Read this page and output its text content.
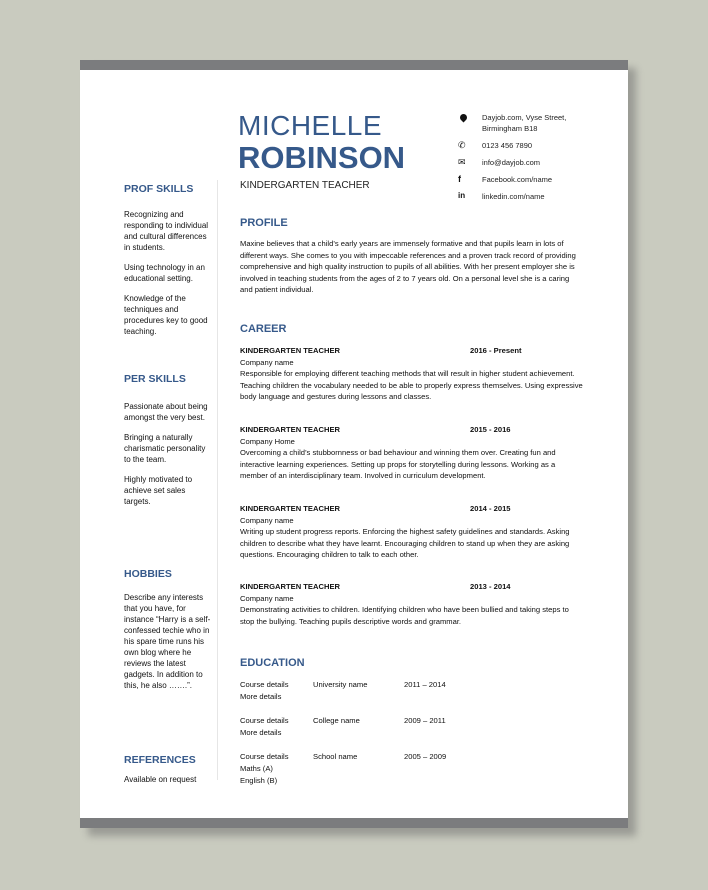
MICHELLE
ROBINSON
KINDERGARTEN TEACHER
Dayjob.com, Vyse Street,
Birmingham B18
✆	0123 456 7890
✉	info@dayjob.com
f	Facebook.com/name
in	linkedin.com/name
PROF SKILLS

Recognizing and responding to individual and cultural differences in students.

Using technology in an educational setting.

Knowledge of the techniques and procedures key to good teaching.

PER SKILLS

Passionate about being amongst the very best.

Bringing a naturally charismatic personality to the team.

Highly motivated to achieve set sales targets.

HOBBIES

Describe any interests that you have, for instance “Harry is a self-confessed techie who in his spare time runs his own blog where he reviews the latest gadgets. In addition to this, he also …….”.

REFERENCES

Available on request

PROFILE
Maxine believes that a child’s early years are immensely formative and that pupils learn in lots of different ways. She comes to you with impeccable references and a proven track record of providing comprehensive and high quality instruction to pupils of all abilities. With her present employer she is involved in teaching students from the ages of 2 to 7 years old. On a personal level she is a caring and patient individual.
CAREER
KINDERGARTEN TEACHER	2016 - Present
Company name
Responsible for employing different teaching methods that will result in higher student achievement. Teaching children the vocabulary needed to be able to properly express themselves. Using expressive body language and gestures during lessons and classes.
KINDERGARTEN TEACHER	2015 - 2016
Company Home
Overcoming a child’s stubbornness or bad behaviour and winning them over. Creating fun and interactive learning experiences. Setting up props for storytelling during lessons. Working as a member of an interdisciplinary team. Involved in curriculum development.
KINDERGARTEN TEACHER	2014 - 2015
Company name
Writing up student progress reports. Enforcing the highest safety guidelines and standards. Asking children to describe what they have learnt. Encouraging children to stand up when they are asking questions. Encouraging children to talk to each other.
KINDERGARTEN TEACHER	2013 - 2014
Company name
Demonstrating activities to children. Identifying children who have been bullied and taking steps to stop the bullying. Teaching pupils descriptive words and grammar.
EDUCATION
Course details
More details
University name	2011 – 2014
Course details
More details
College name	2009 – 2011
Course details
Maths (A)
English (B)
School name	2005 – 2009
